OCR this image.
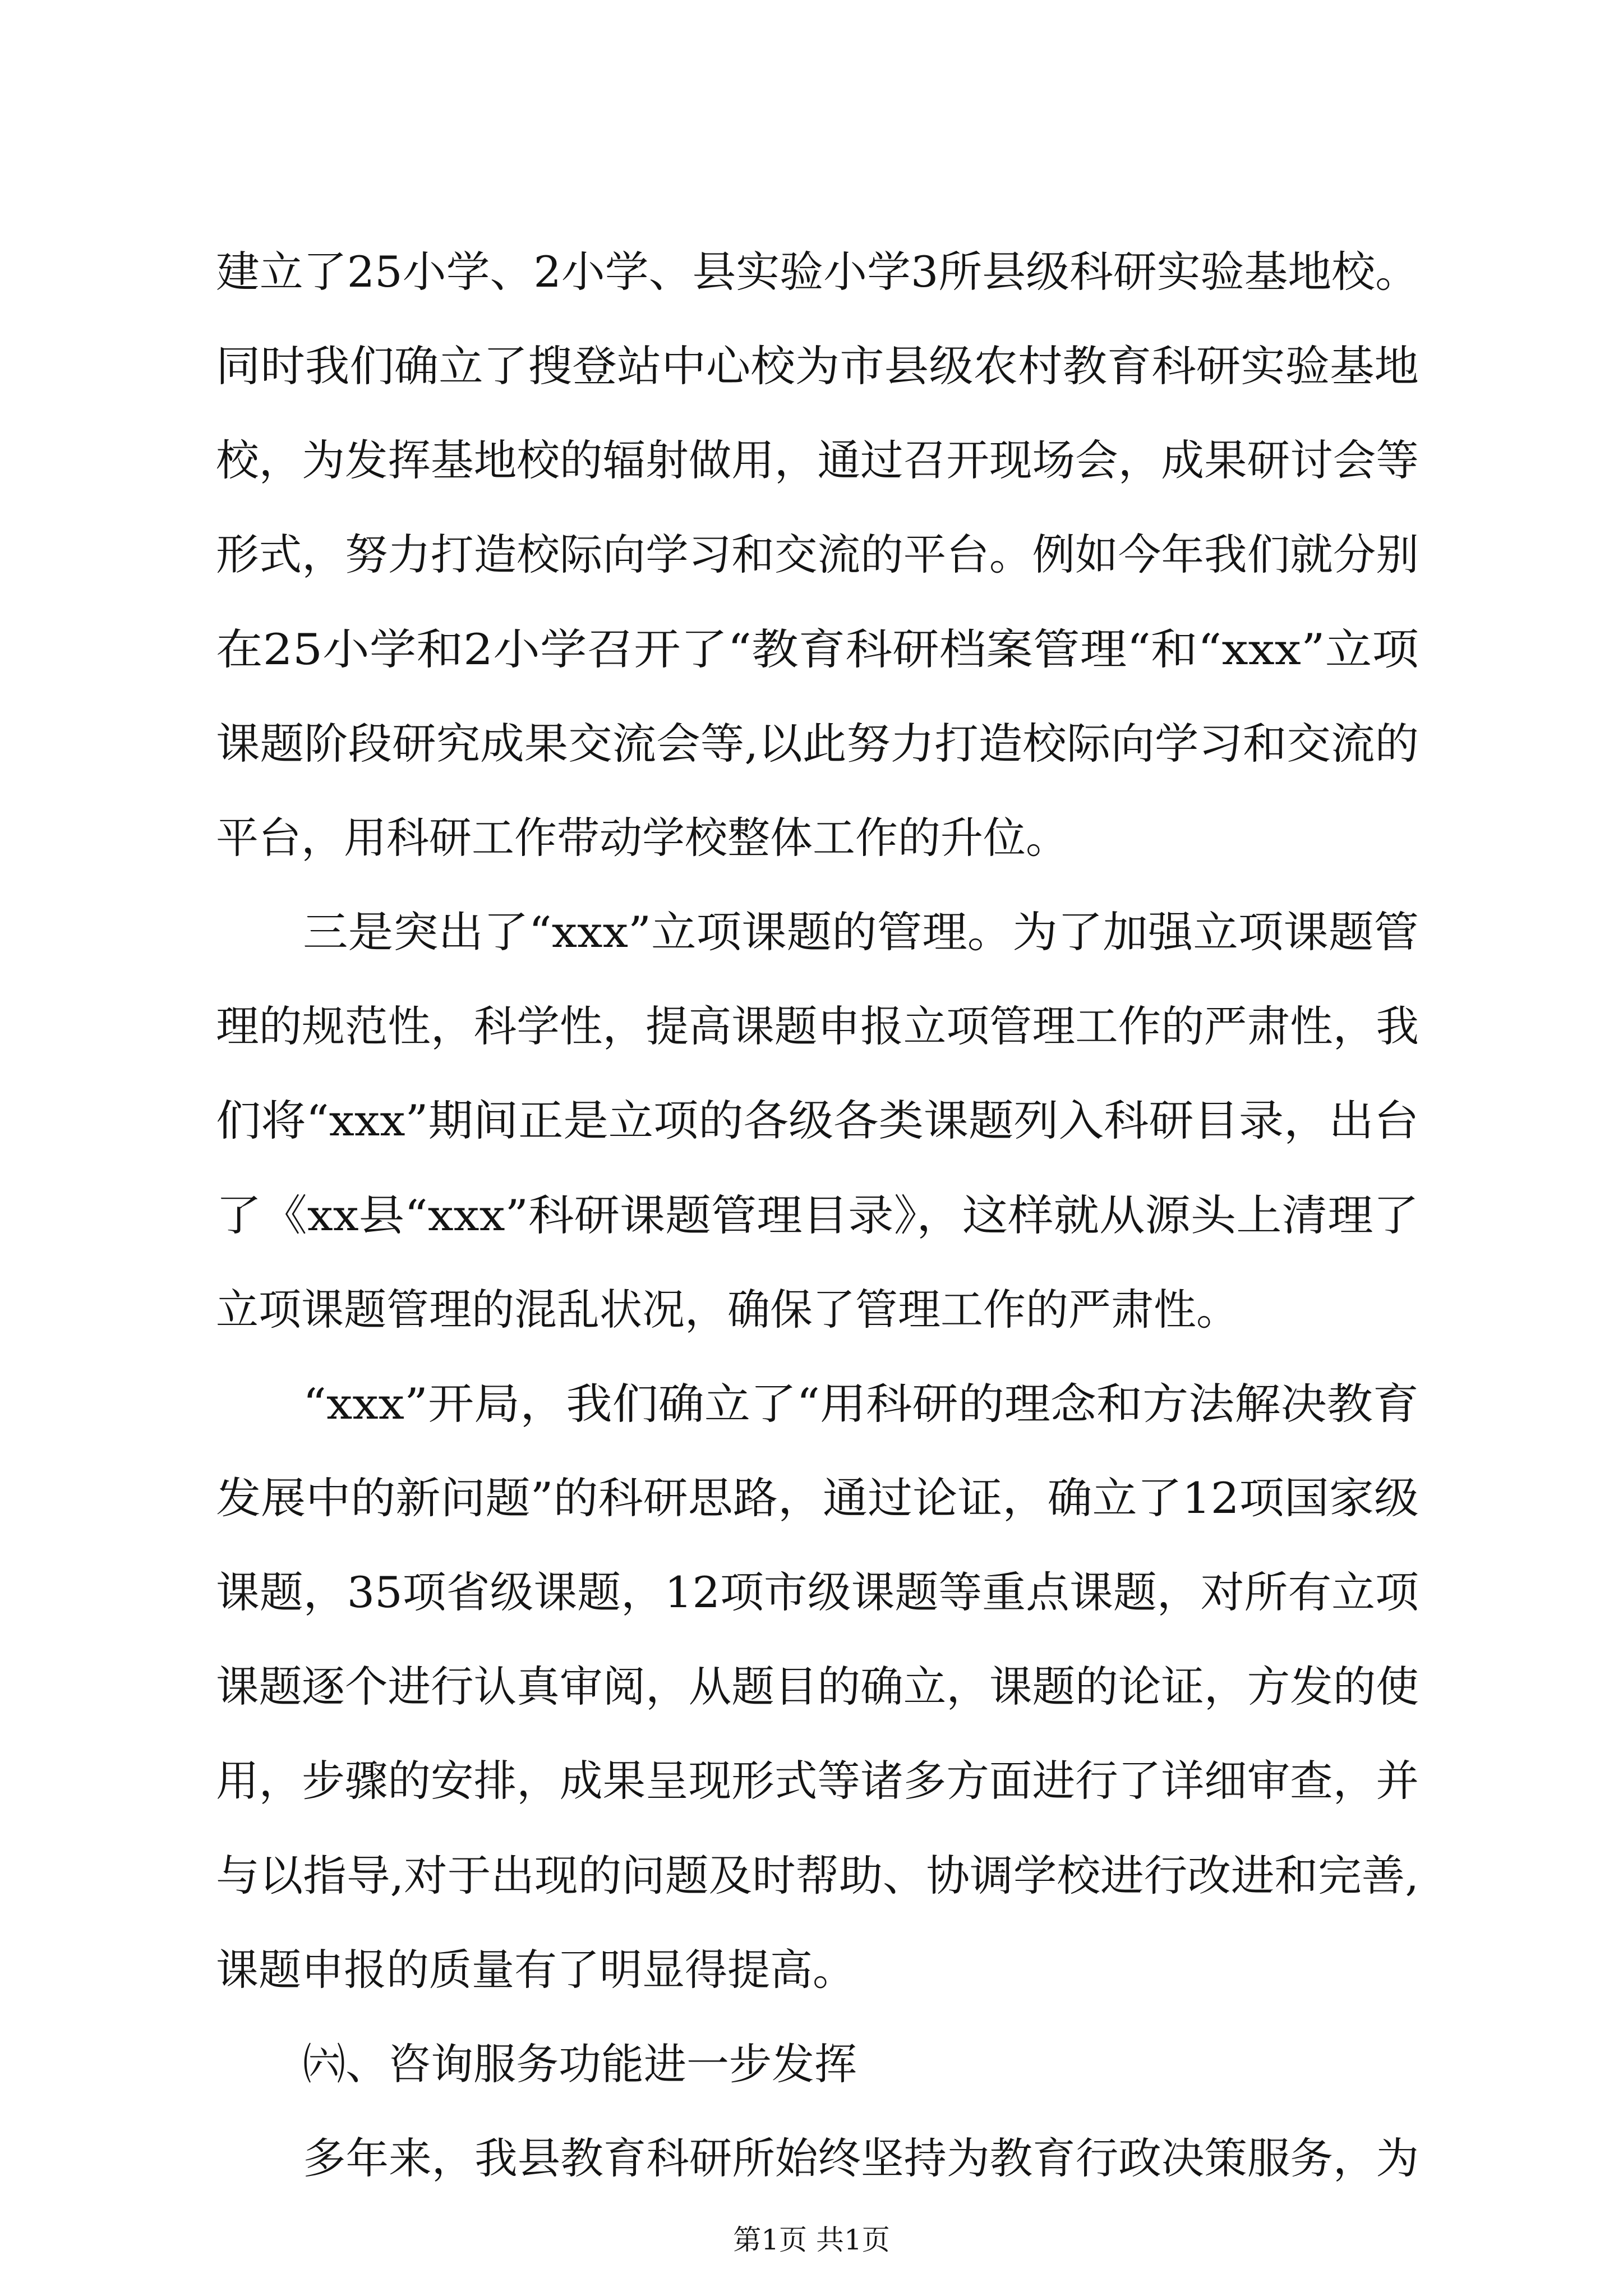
建立了25小学、2小学、县实验小学3所县级科研实验基地校。
同时我们确立了搜登站中心校为市县级农村教育科研实验基地
校，为发挥基地校的辐射做用，通过召开现场会，成果研讨会等
形式，努力打造校际向学习和交流的平台。例如今年我们就分别
在25小学和2小学召开了“教育科研档案管理“和“xxx”立项
课题阶段研究成果交流会等,以此努力打造校际向学习和交流的
平台，用科研工作带动学校整体工作的升位。
三是突出了“xxx”立项课题的管理。为了加强立项课题管
理的规范性，科学性，提高课题申报立项管理工作的严肃性，我
们将“xxx”期间正是立项的各级各类课题列入科研目录，出台
了《xx县“xxx”科研课题管理目录》，这样就从源头上清理了
立项课题管理的混乱状况，确保了管理工作的严肃性。
“xxx”开局，我们确立了“用科研的理念和方法解决教育
发展中的新问题”的科研思路，通过论证，确立了12项国家级
课题，35项省级课题，12项市级课题等重点课题，对所有立项
课题逐个进行认真审阅，从题目的确立，课题的论证，方发的使
用，步骤的安排，成果呈现形式等诸多方面进行了详细审查，并
与以指导,对于出现的问题及时帮助、协调学校进行改进和完善,
课题申报的质量有了明显得提高。
㈥、咨询服务功能进一步发挥
多年来，我县教育科研所始终坚持为教育行政决策服务，为
第1页 共1页
